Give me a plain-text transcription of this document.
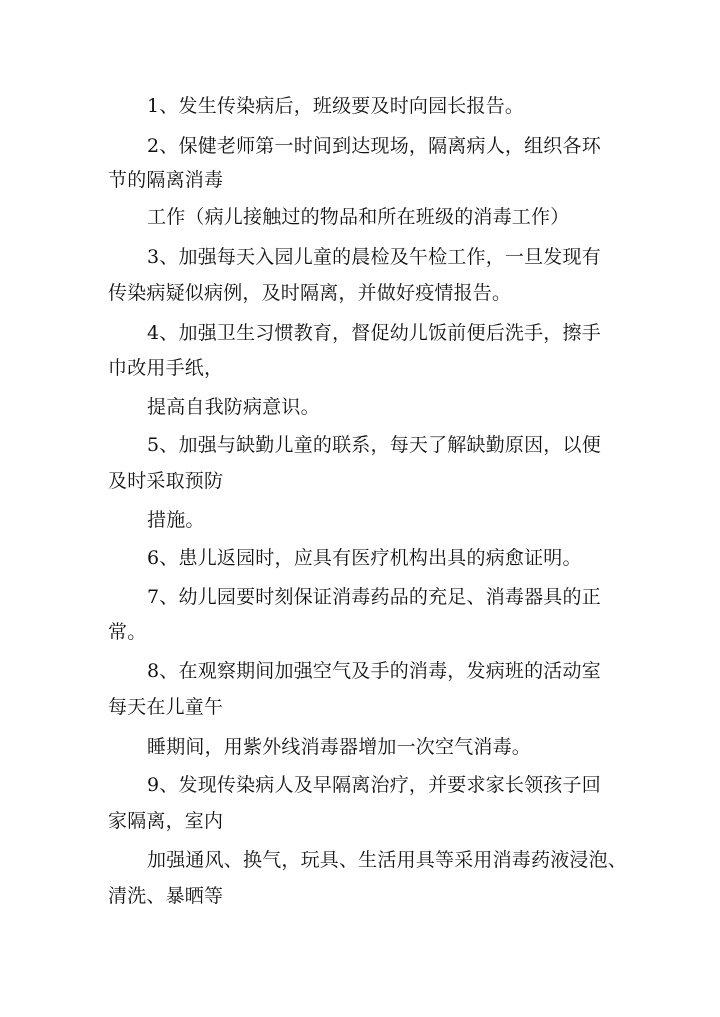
1、发生传染病后，班级要及时向园长报告。
2、保健老师第一时间到达现场，隔离病人，组织各环
节的隔离消毒
工作（病儿接触过的物品和所在班级的消毒工作）
3、加强每天入园儿童的晨检及午检工作，一旦发现有
传染病疑似病例，及时隔离，并做好疫情报告。
4、加强卫生习惯教育，督促幼儿饭前便后洗手，擦手
巾改用手纸，
提高自我防病意识。
5、加强与缺勤儿童的联系，每天了解缺勤原因，以便
及时采取预防
措施。
6、患儿返园时，应具有医疗机构出具的病愈证明。
7、幼儿园要时刻保证消毒药品的充足、消毒器具的正
常。
8、在观察期间加强空气及手的消毒，发病班的活动室
每天在儿童午
睡期间，用紫外线消毒器增加一次空气消毒。
9、发现传染病人及早隔离治疗，并要求家长领孩子回
家隔离，室内
加强通风、换气，玩具、生活用具等采用消毒药液浸泡、
清洗、暴晒等
